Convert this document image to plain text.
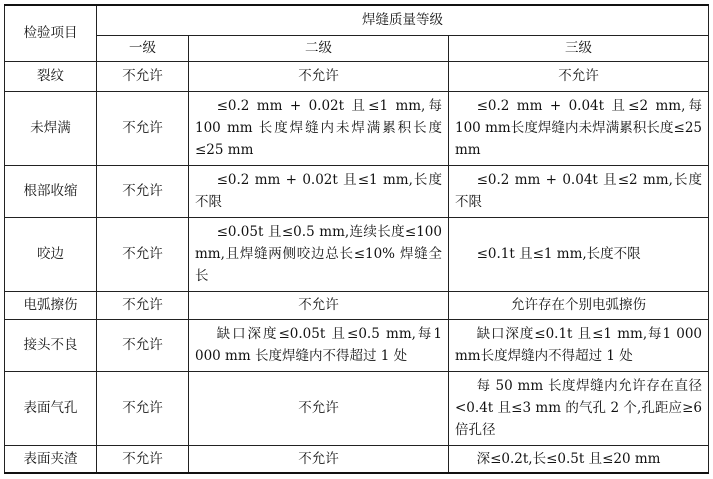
检验项目	焊缝质量等级		
	一级	二级	三级
裂纹	不允许	不允许	不允许
未焊满	不允许	≤0.2 mm + 0.02t 且≤1 mm,每100 mm 长度焊缝内未焊满累积长度≤25 mm	≤0.2 mm + 0.04t 且≤2 mm,每100 mm长度焊缝内未焊满累积长度≤25 mm
根部收缩	不允许	≤0.2 mm + 0.02t 且≤1 mm,长度不限	≤0.2 mm + 0.04t 且≤2 mm,长度不限
咬边	不允许	≤0.05t 且≤0.5 mm,连续长度≤100 mm,且焊缝两侧咬边总长≤10% 焊缝全长	≤0.1t 且≤1 mm,长度不限
电弧擦伤	不允许	不允许	允许存在个别电弧擦伤
接头不良	不允许	缺口深度≤0.05t 且≤0.5 mm,每1 000 mm 长度焊缝内不得超过 1 处	缺口深度≤0.1t 且≤1 mm,每1 000 mm长度焊缝内不得超过 1 处
表面气孔	不允许	不允许	每 50 mm 长度焊缝内允许存在直径<0.4t 且≤3 mm 的气孔 2 个,孔距应≥6 倍孔径
表面夹渣	不允许	不允许	深≤0.2t,长≤0.5t 且≤20 mm
